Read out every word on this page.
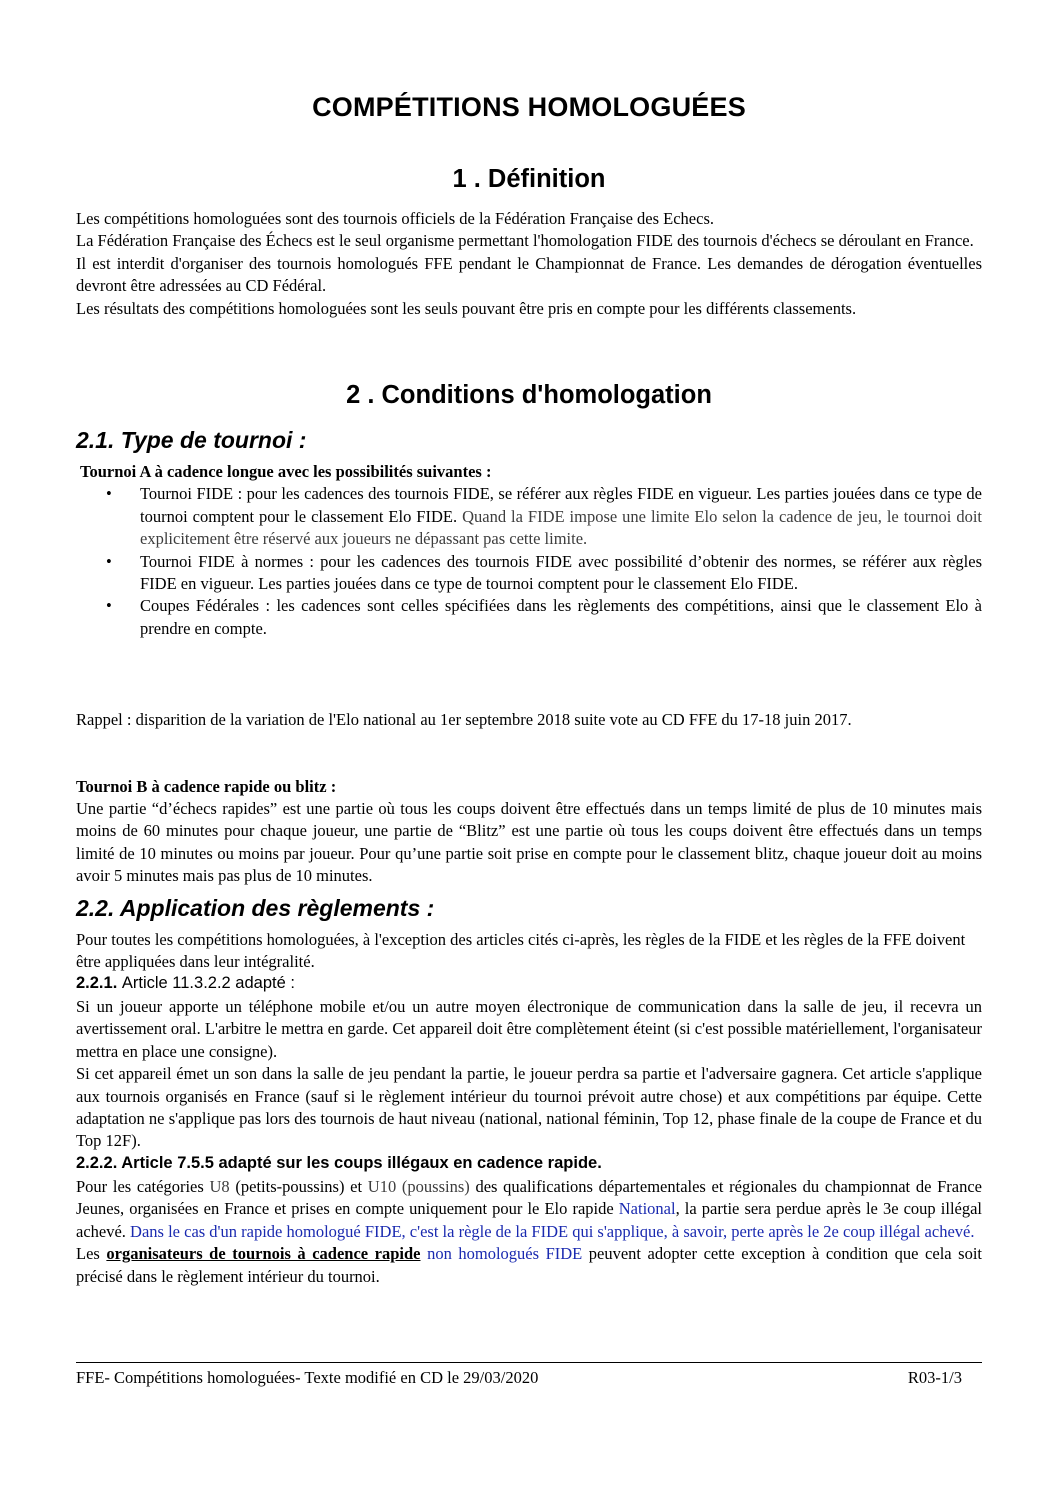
COMPÉTITIONS HOMOLOGUÉES
1 . Définition

Les compétitions homologuées sont des tournois officiels de la Fédération Française des Echecs.

La Fédération Française des Échecs est le seul organisme permettant l'homologation FIDE des tournois d'échecs se déroulant en France.

Il est interdit d'organiser des tournois homologués FFE pendant le Championnat de France. Les demandes de dérogation éventuelles devront être adressées au CD Fédéral.

Les résultats des compétitions homologuées sont les seuls pouvant être pris en compte pour les différents classements.

2 . Conditions d'homologation
2.1. Type de tournoi :

Tournoi A à cadence longue avec les possibilités suivantes :

• Tournoi FIDE : pour les cadences des tournois FIDE, se référer aux règles FIDE en vigueur. Les parties jouées dans ce type de tournoi comptent pour le classement Elo FIDE. Quand la FIDE impose une limite Elo selon la cadence de jeu, le tournoi doit explicitement être réservé aux joueurs ne dépassant pas cette limite.
• Tournoi FIDE à normes : pour les cadences des tournois FIDE avec possibilité d’obtenir des normes, se référer aux règles FIDE en vigueur. Les parties jouées dans ce type de tournoi comptent pour le classement Elo FIDE.
• Coupes Fédérales : les cadences sont celles spécifiées dans les règlements des compétitions, ainsi que le classement Elo à prendre en compte.
Rappel : disparition de la variation de l'Elo national au 1er septembre 2018 suite vote au CD FFE du 17-18 juin 2017.
Tournoi B à cadence rapide ou blitz :
Une partie “d’échecs rapides” est une partie où tous les coups doivent être effectués dans un temps limité de plus de 10 minutes mais moins de 60 minutes pour chaque joueur, une partie de “Blitz” est une partie où tous les coups doivent être effectués dans un temps limité de 10 minutes ou moins par joueur. Pour qu’une partie soit prise en compte pour le classement blitz, chaque joueur doit au moins avoir 5 minutes mais pas plus de 10 minutes.
2.2. Application des règlements :
Pour toutes les compétitions homologuées, à l'exception des articles cités ci-après, les règles de la FIDE et les règles de la FFE doivent être appliquées dans leur intégralité.
2.2.1. Article 11.3.2.2 adapté :

Si un joueur apporte un téléphone mobile et/ou un autre moyen électronique de communication dans la salle de jeu, il recevra un avertissement oral. L'arbitre le mettra en garde. Cet appareil doit être complètement éteint (si c'est possible matériellement, l'organisateur mettra en place une consigne).

Si cet appareil émet un son dans la salle de jeu pendant la partie, le joueur perdra sa partie et l'adversaire gagnera. Cet article s'applique aux tournois organisés en France (sauf si le règlement intérieur du tournoi prévoit autre chose) et aux compétitions par équipe. Cette adaptation ne s'applique pas lors des tournois de haut niveau (national, national féminin, Top 12, phase finale de la coupe de France et du Top 12F).

2.2.2. Article 7.5.5 adapté sur les coups illégaux en cadence rapide.

Pour les catégories U8 (petits-poussins) et U10 (poussins) des qualifications départementales et régionales du championnat de France Jeunes, organisées en France et prises en compte uniquement pour le Elo rapide National, la partie sera perdue après le 3e coup illégal achevé. Dans le cas d'un rapide homologué FIDE, c'est la règle de la FIDE qui s'applique, à savoir, perte après le 2e coup illégal achevé.

Les organisateurs de tournois à cadence rapide non homologués FIDE peuvent adopter cette exception à condition que cela soit précisé dans le règlement intérieur du tournoi.

FFE- Compétitions homologuées- Texte modifié en CD le 29/03/2020	R03-1/3
